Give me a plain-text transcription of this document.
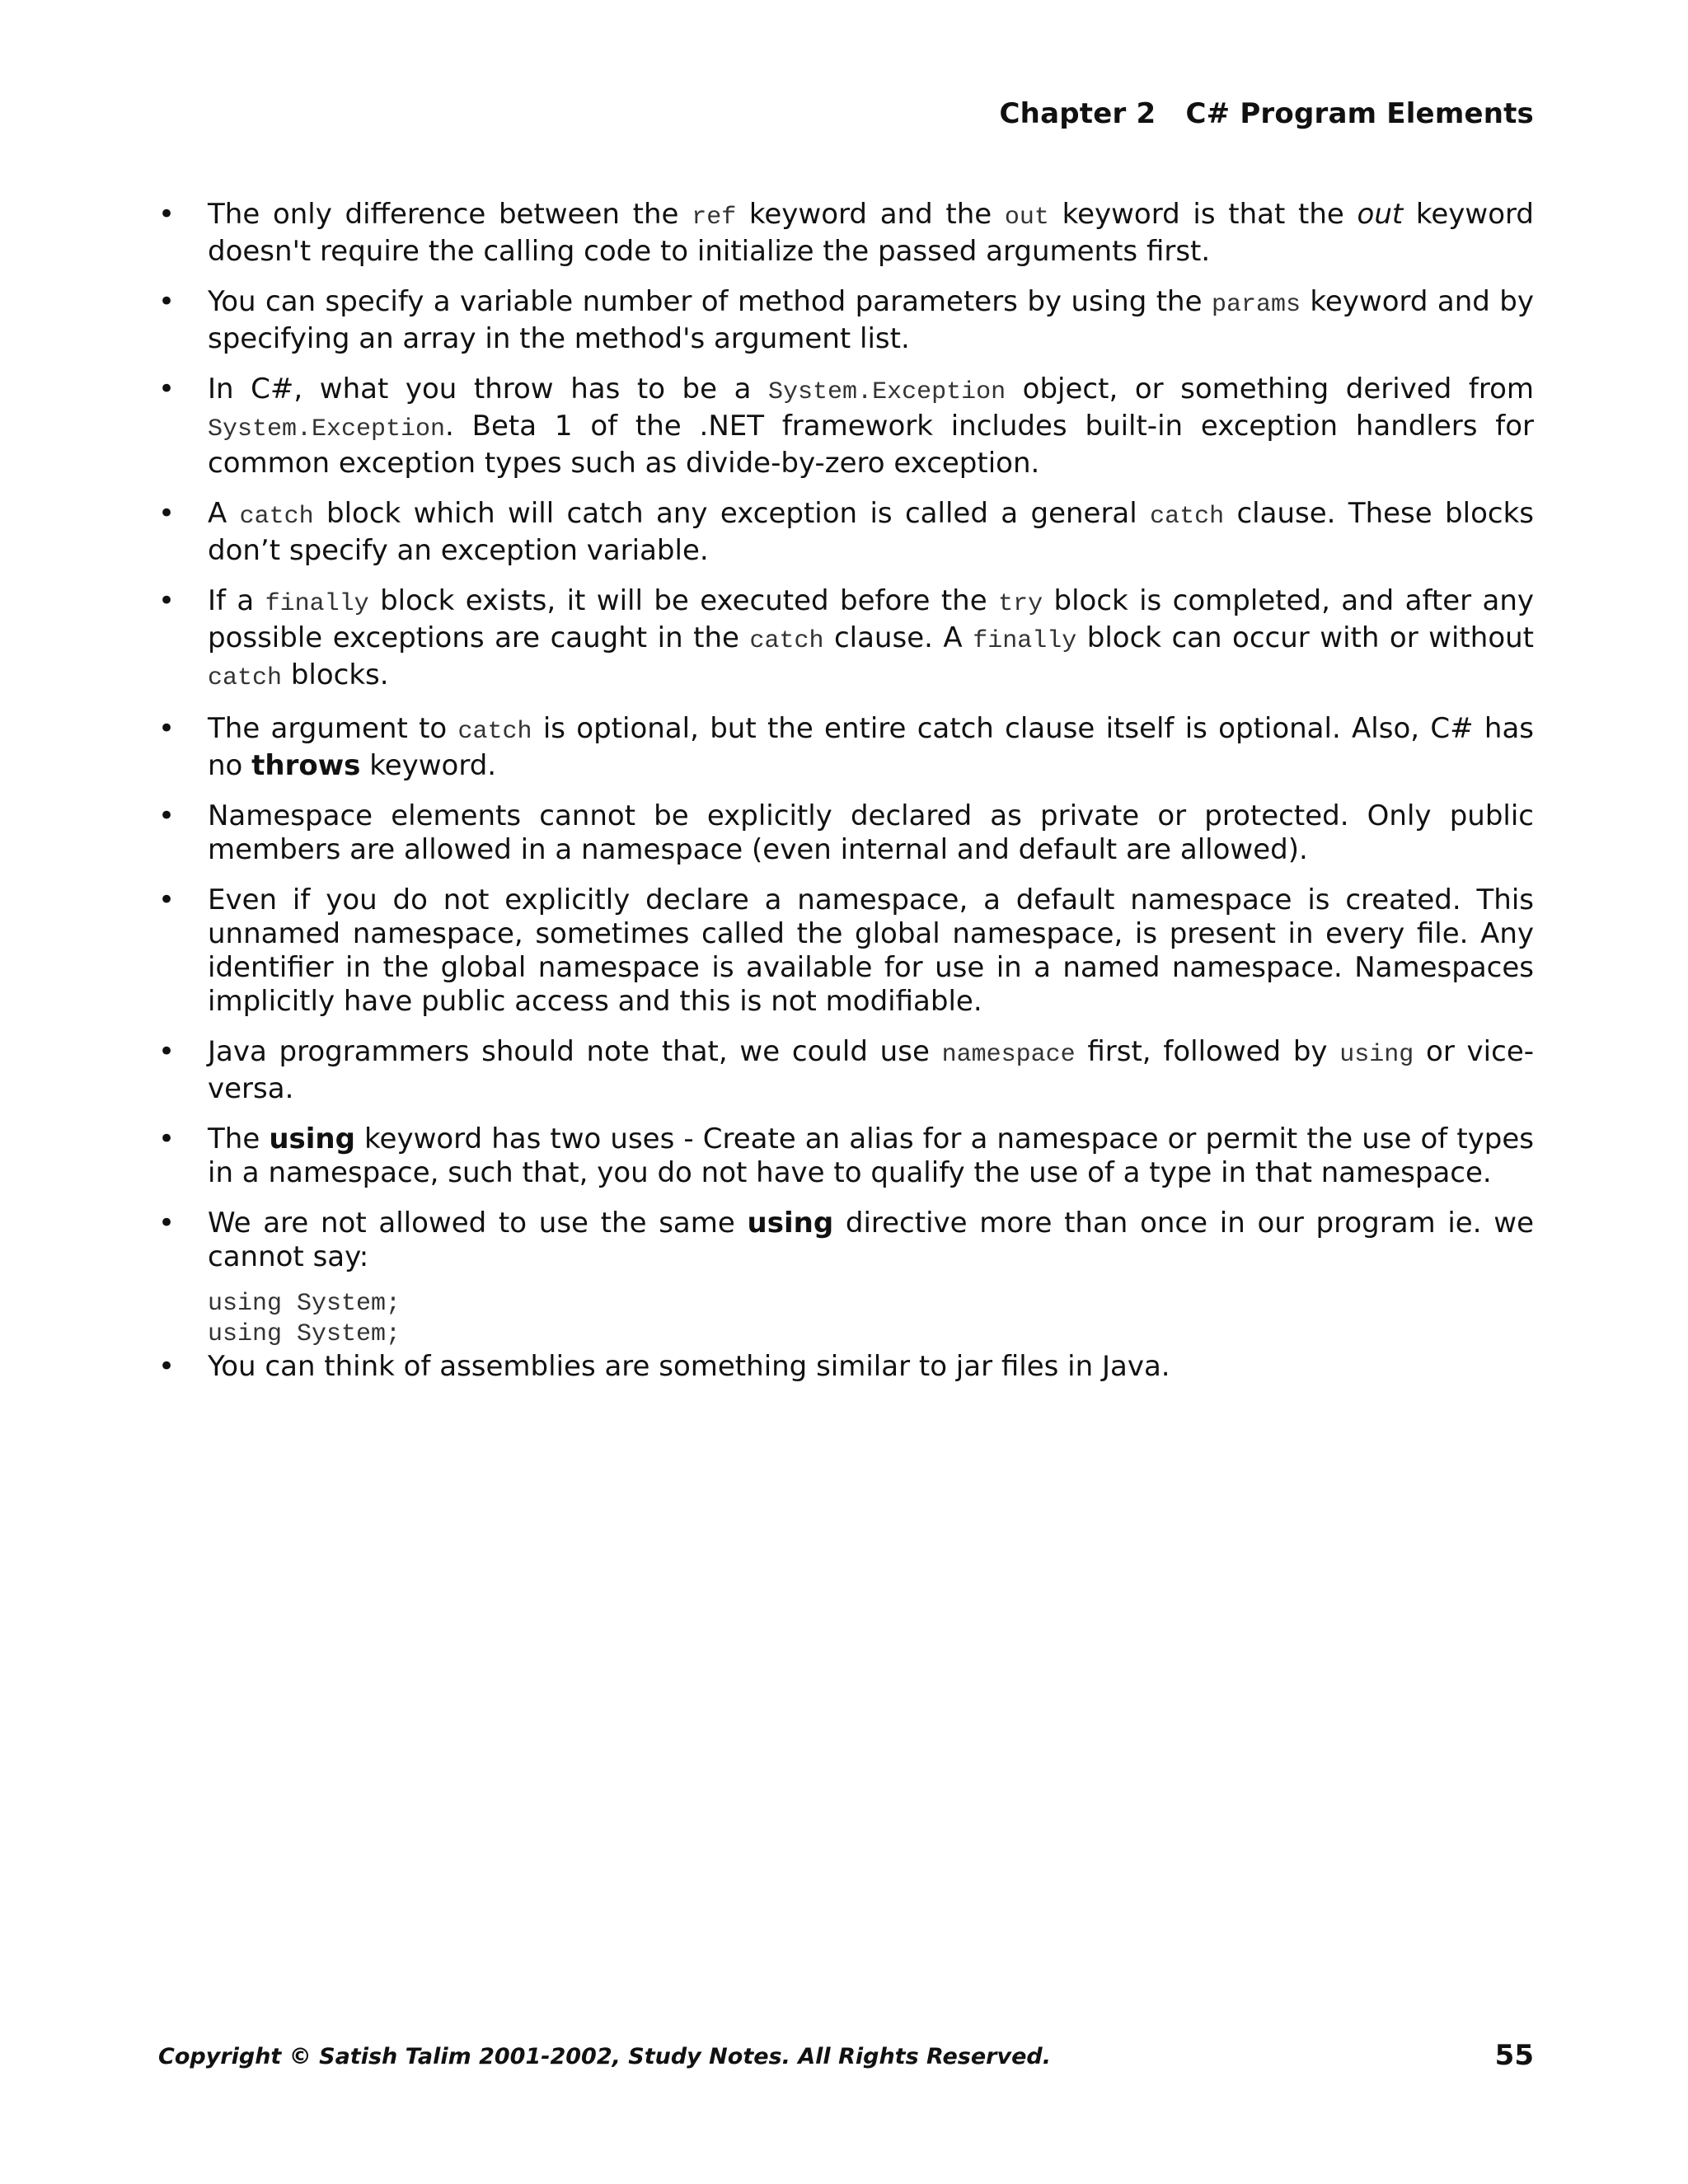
Chapter 2   C# Program Elements
• The only difference between the ref keyword and the out keyword is that the out keyword doesn't require the calling code to initialize the passed arguments first.
• You can specify a variable number of method parameters by using the params keyword and by specifying an array in the method's argument list.
• In C#, what you throw has to be a System.Exception object, or something derived from System.Exception. Beta 1 of the .NET framework includes built-in exception handlers for common exception types such as divide-by-zero exception.
• A catch block which will catch any exception is called a general catch clause. These blocks don’t specify an exception variable.
• If a finally block exists, it will be executed before the try block is completed, and after any possible exceptions are caught in the catch clause. A finally block can occur with or without catch blocks.
• The argument to catch is optional, but the entire catch clause itself is optional. Also, C# has no throws keyword.
• Namespace elements cannot be explicitly declared as private or protected. Only public members are allowed in a namespace (even internal and default are allowed).
• Even if you do not explicitly declare a namespace, a default namespace is created. This unnamed namespace, sometimes called the global namespace, is present in every file. Any identifier in the global namespace is available for use in a named namespace. Namespaces implicitly have public access and this is not modifiable.
• Java programmers should note that, we could use namespace first, followed by using or vice-versa.
• The using keyword has two uses - Create an alias for a namespace or permit the use of types in a namespace, such that, you do not have to qualify the use of a type in that namespace.
• We are not allowed to use the same using directive more than once in our program ie. we cannot say:
using System;
using System;
• You can think of assemblies are something similar to jar files in Java.
Copyright © Satish Talim 2001-2002, Study Notes. All Rights Reserved.	55
